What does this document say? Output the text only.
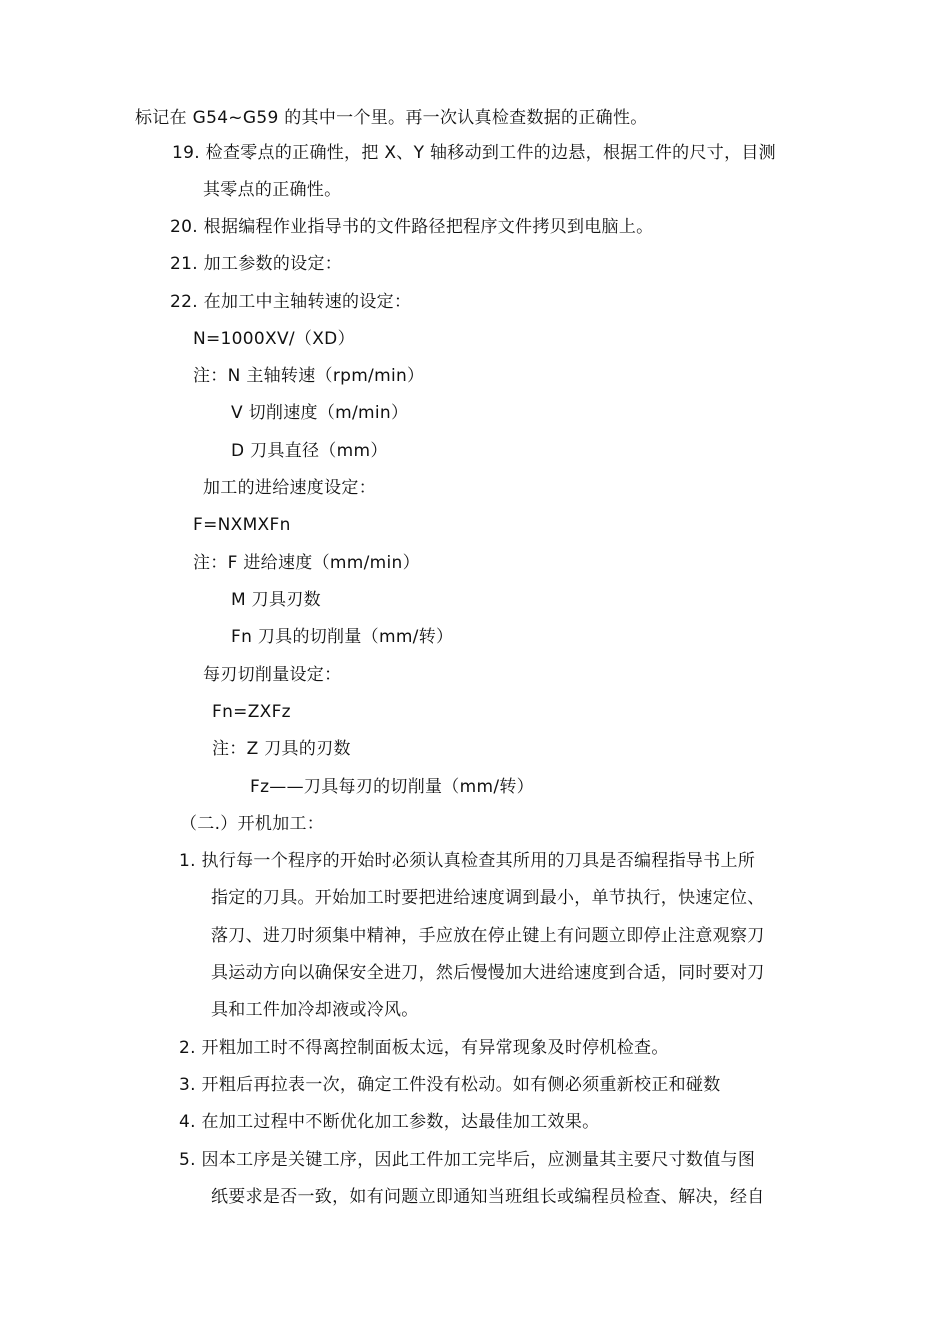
标记在 G54~G59 的其中一个里。再一次认真检查数据的正确性。
19. 检查零点的正确性，把 X、Y 轴移动到工件的边悬，根据工件的尺寸，目测
其零点的正确性。
20. 根据编程作业指导书的文件路径把程序文件拷贝到电脑上。
21. 加工参数的设定：
22. 在加工中主轴转速的设定：
N=1000XV/（XD）
注：N 主轴转速（rpm/min）
V 切削速度（m/min）
D 刀具直径（mm）
加工的进给速度设定：
F=NXMXFn
注：F 进给速度（mm/min）
M 刀具刃数
Fn 刀具的切削量（mm/转）
每刃切削量设定：
Fn=ZXFz
注：Z 刀具的刃数
Fz——刀具每刃的切削量（mm/转）
（二.）开机加工：
1. 执行每一个程序的开始时必须认真检查其所用的刀具是否编程指导书上所
指定的刀具。开始加工时要把进给速度调到最小，单节执行，快速定位、
落刀、进刀时须集中精神，手应放在停止键上有问题立即停止注意观察刀
具运动方向以确保安全进刀，然后慢慢加大进给速度到合适，同时要对刀
具和工件加冷却液或冷风。
2. 开粗加工时不得离控制面板太远，有异常现象及时停机检查。
3. 开粗后再拉表一次，确定工件没有松动。如有侧必须重新校正和碰数
4. 在加工过程中不断优化加工参数，达最佳加工效果。
5. 因本工序是关键工序，因此工件加工完毕后，应测量其主要尺寸数值与图
纸要求是否一致，如有问题立即通知当班组长或编程员检查、解决，经自
